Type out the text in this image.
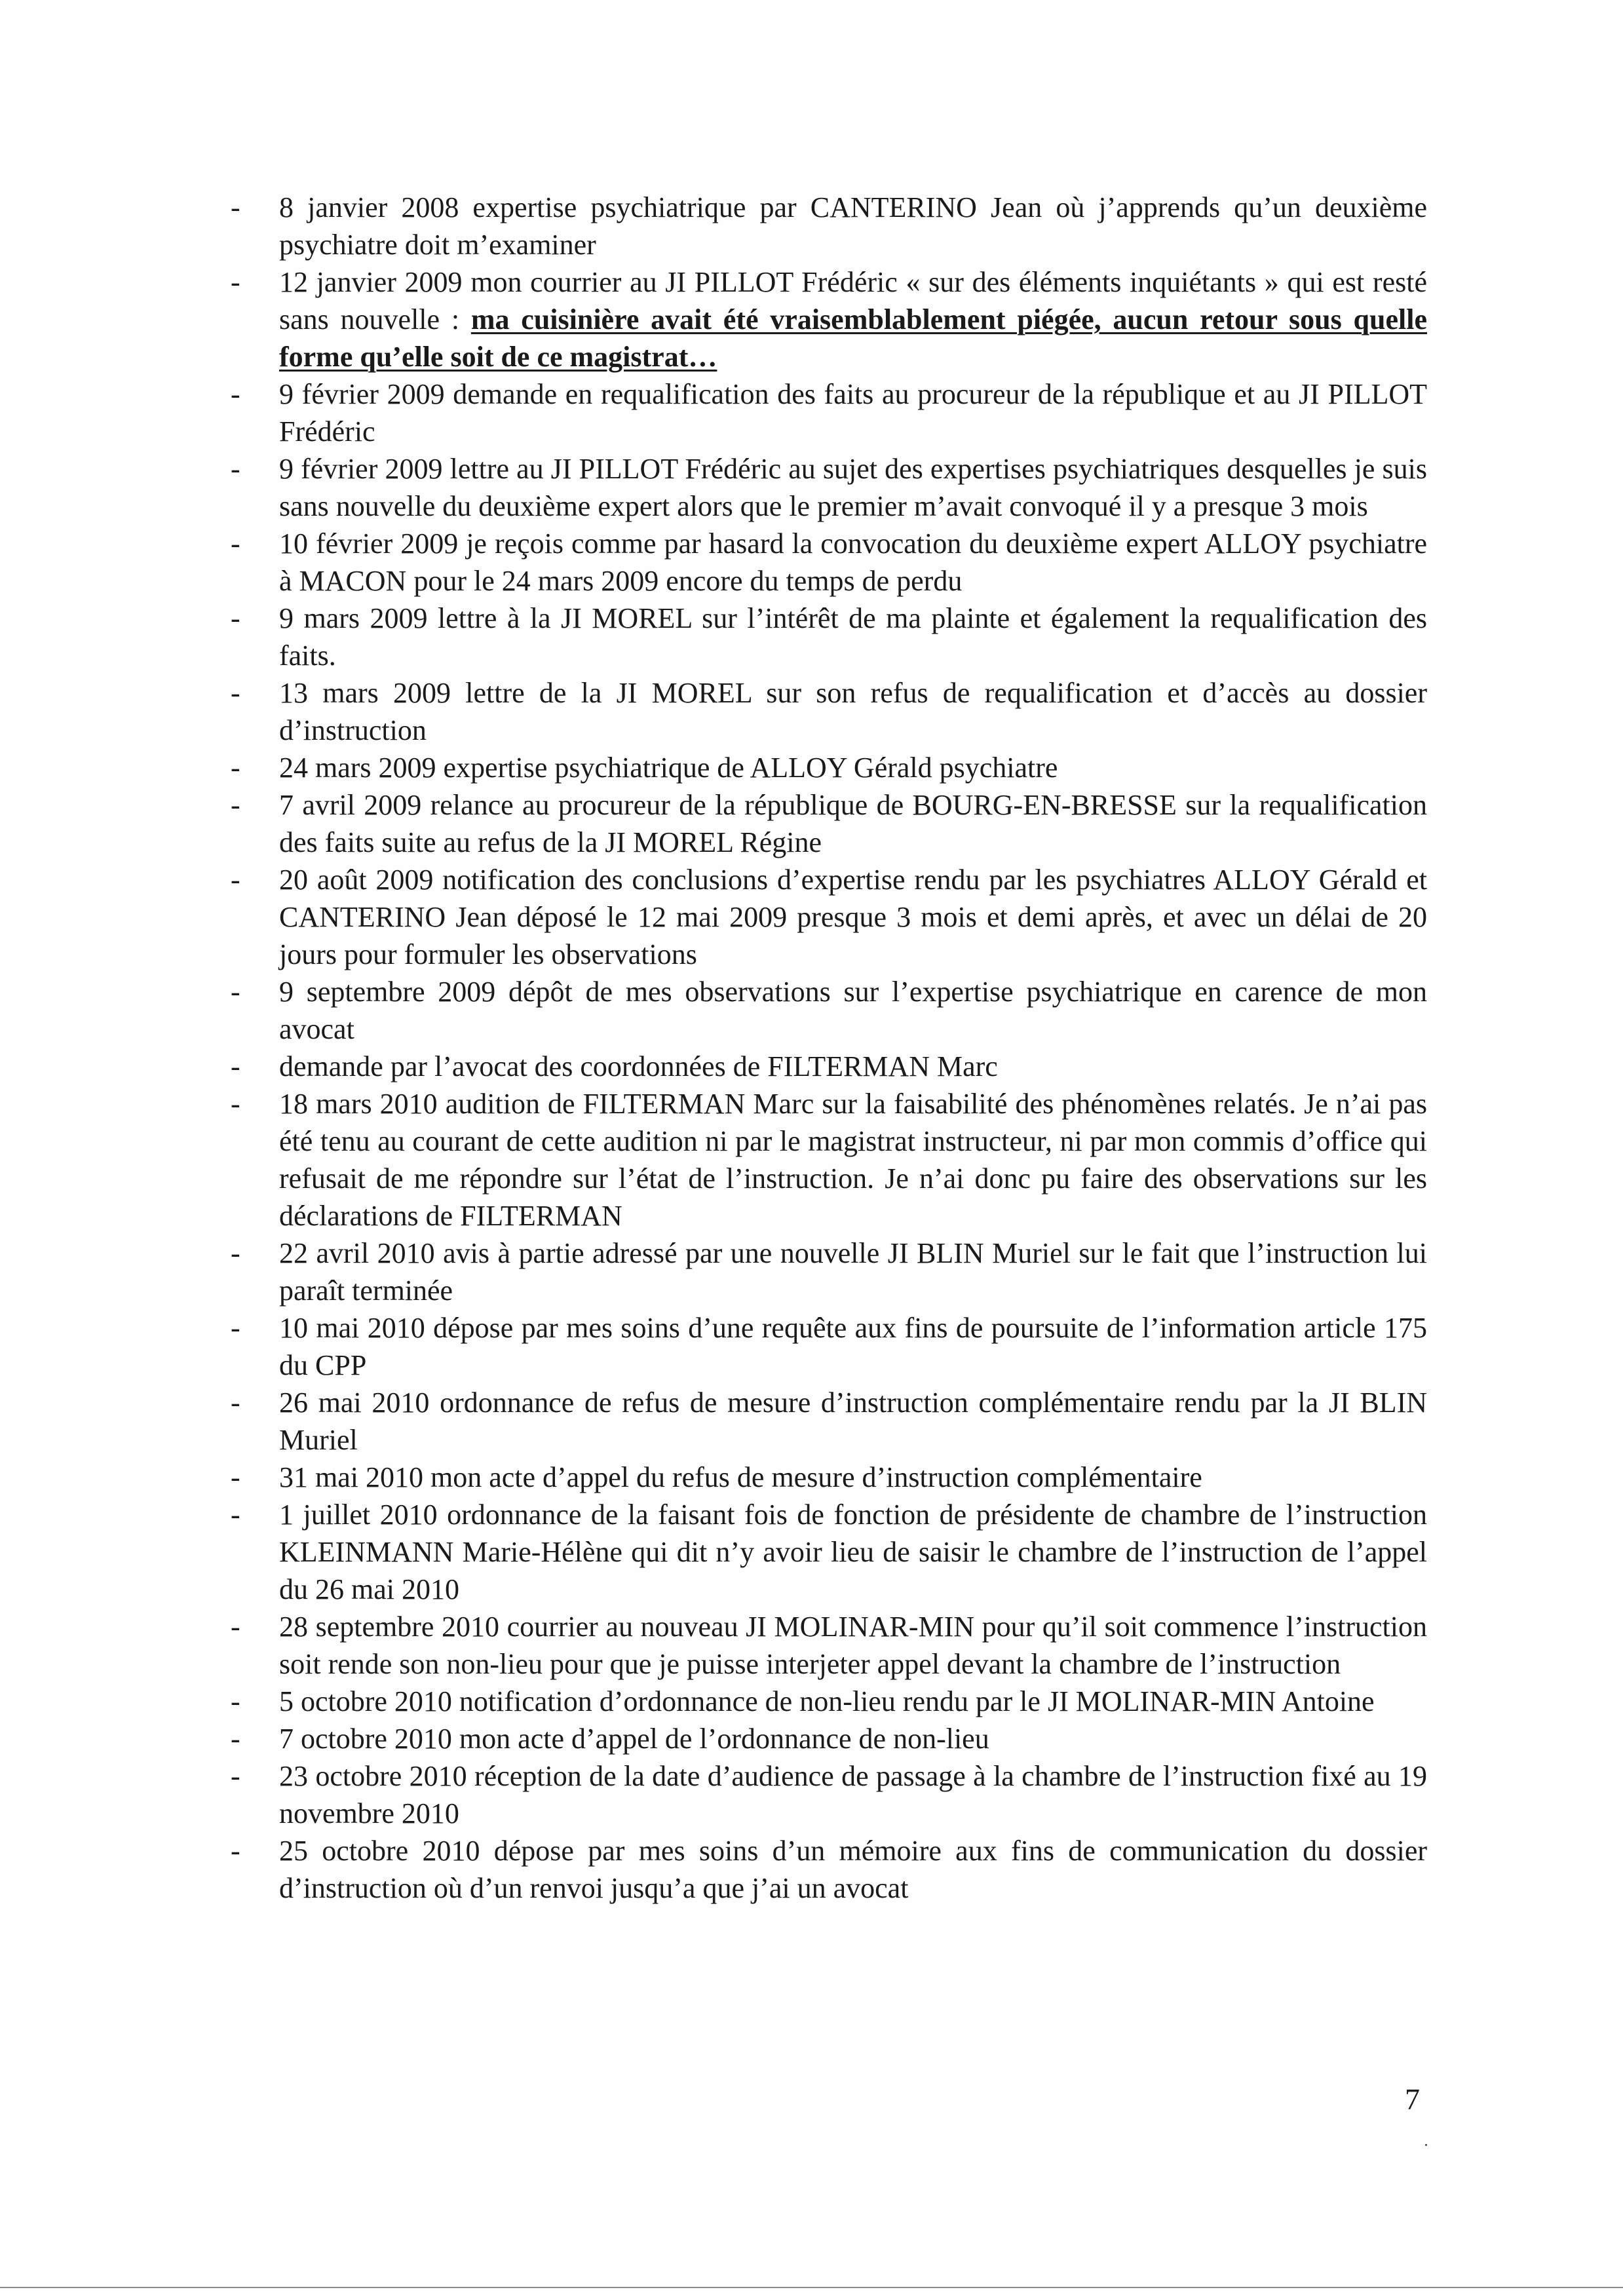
- 8 janvier 2008 expertise psychiatrique par CANTERINO Jean où j’apprends qu’un deuxième psychiatre doit m’examiner
- 12 janvier 2009 mon courrier au JI PILLOT Frédéric « sur des éléments inquiétants » qui est resté sans nouvelle : ma cuisinière avait été vraisemblablement piégée, aucun retour sous quelle forme qu’elle soit de ce magistrat…
- 9 février 2009 demande en requalification des faits au procureur de la république et au JI PILLOT Frédéric
- 9 février 2009 lettre au JI PILLOT Frédéric au sujet des expertises psychiatriques desquelles je suis sans nouvelle du deuxième expert alors que le premier m’avait convoqué il y a presque 3 mois
- 10 février 2009 je reçois comme par hasard la convocation du deuxième expert ALLOY psychiatre à MACON pour le 24 mars 2009 encore du temps de perdu
- 9 mars 2009 lettre à la JI MOREL sur l’intérêt de ma plainte et également la requalification des faits.
- 13 mars 2009 lettre de la JI MOREL sur son refus de requalification et d’accès au dossier d’instruction
- 24 mars 2009 expertise psychiatrique de ALLOY Gérald psychiatre
- 7 avril 2009 relance au procureur de la république de BOURG-EN-BRESSE sur la requalification des faits suite au refus de la JI MOREL Régine
- 20 août 2009 notification des conclusions d’expertise rendu par les psychiatres ALLOY Gérald et CANTERINO Jean déposé le 12 mai 2009 presque 3 mois et demi après, et avec un délai de 20 jours pour formuler les observations
- 9 septembre 2009 dépôt de mes observations sur l’expertise psychiatrique en carence de mon avocat
- demande par l’avocat des coordonnées de FILTERMAN Marc
- 18 mars 2010 audition de FILTERMAN Marc sur la faisabilité des phénomènes relatés. Je n’ai pas été tenu au courant de cette audition ni par le magistrat instructeur, ni par mon commis d’office qui refusait de me répondre sur l’état de l’instruction. Je n’ai donc pu faire des observations sur les déclarations de FILTERMAN
- 22 avril 2010 avis à partie adressé par une nouvelle JI BLIN Muriel sur le fait que l’instruction lui paraît terminée
- 10 mai 2010 dépose par mes soins d’une requête aux fins de poursuite de l’information article 175 du CPP
- 26 mai 2010 ordonnance de refus de mesure d’instruction complémentaire rendu par la JI BLIN Muriel
- 31 mai 2010 mon acte d’appel du refus de mesure d’instruction complémentaire
- 1 juillet 2010 ordonnance de la faisant fois de fonction de présidente de chambre de l’instruction KLEINMANN Marie-Hélène qui dit n’y avoir lieu de saisir le chambre de l’instruction de l’appel du 26 mai 2010
- 28 septembre 2010 courrier au nouveau JI MOLINAR-MIN pour qu’il soit commence l’instruction soit rende son non-lieu pour que je puisse interjeter appel devant la chambre de l’instruction
- 5 octobre 2010 notification d’ordonnance de non-lieu rendu par le JI MOLINAR-MIN Antoine
- 7 octobre 2010 mon acte d’appel de l’ordonnance de non-lieu
- 23 octobre 2010 réception de la date d’audience de passage à la chambre de l’instruction fixé au 19 novembre 2010
- 25 octobre 2010 dépose par mes soins d’un mémoire aux fins de communication du dossier d’instruction où d’un renvoi jusqu’a que j’ai un avocat
7
